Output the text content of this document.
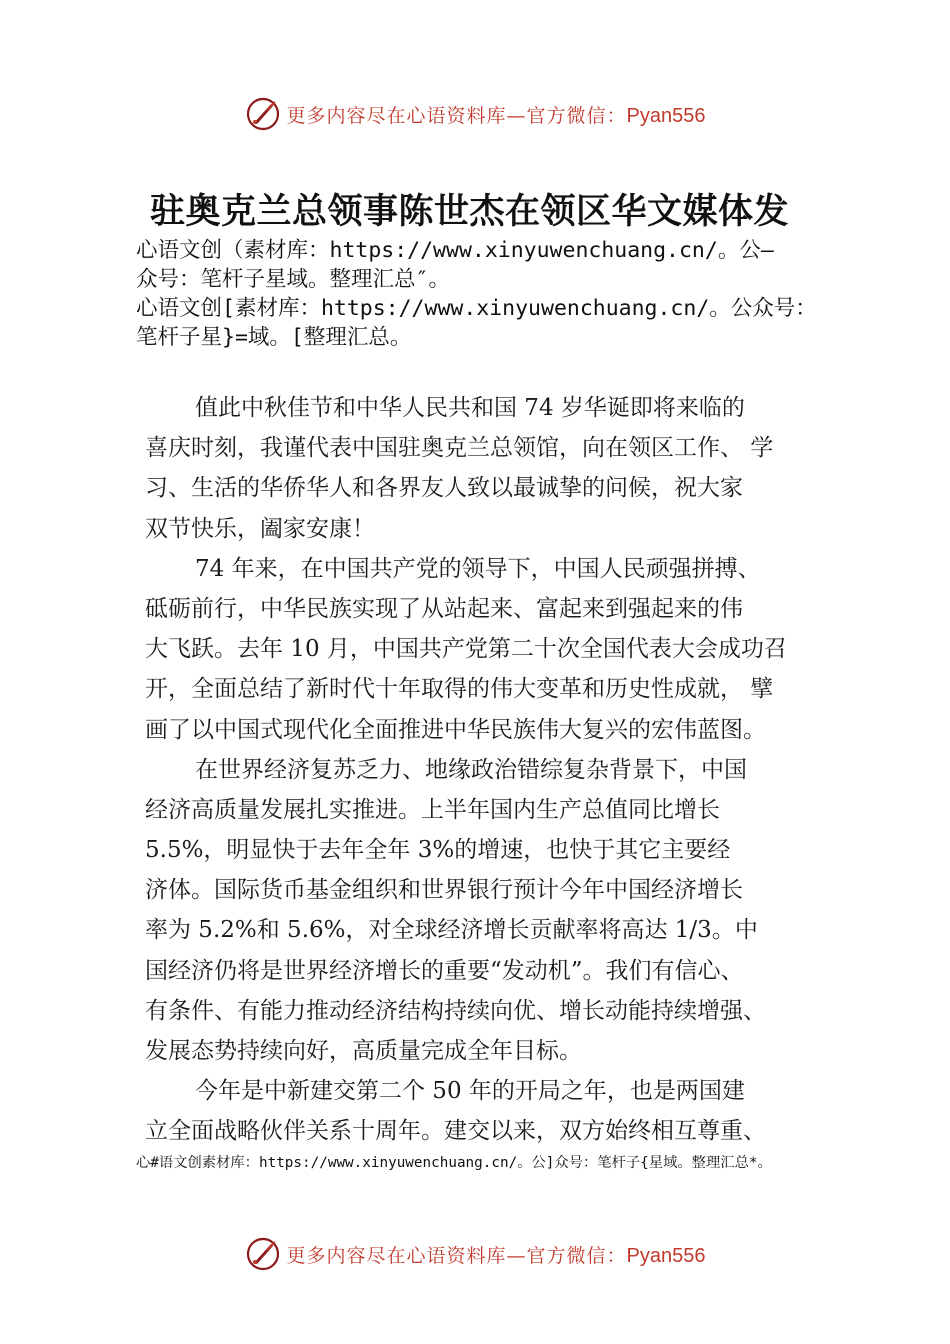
更多内容尽在心语资料库—官方微信：Pyan556
驻奥克兰总领事陈世杰在领区华文媒体发
心语文创（素材库：https://www.xinyuwenchuang.cn/。公—
众号：笔杆子星域。整理汇总″。
心语文创[素材库：https://www.xinyuwenchuang.cn/。公众号：
笔杆子星}=域。[整理汇总。
值此中秋佳节和中华人民共和国 74 岁华诞即将来临的
喜庆时刻，我谨代表中国驻奥克兰总领馆，向在领区工作、 学
习、生活的华侨华人和各界友人致以最诚挚的问候，祝大家
双节快乐，阖家安康！
74 年来，在中国共产党的领导下，中国人民顽强拼搏、
砥砺前行，中华民族实现了从站起来、富起来到强起来的伟
大飞跃。去年 10 月，中国共产党第二十次全国代表大会成功召
开，全面总结了新时代十年取得的伟大变革和历史性成就， 擘
画了以中国式现代化全面推进中华民族伟大复兴的宏伟蓝图。
在世界经济复苏乏力、地缘政治错综复杂背景下，中国
经济高质量发展扎实推进。上半年国内生产总值同比增长
5.5%，明显快于去年全年 3%的增速，也快于其它主要经
济体。国际货币基金组织和世界银行预计今年中国经济增长
率为 5.2%和 5.6%，对全球经济增长贡献率将高达 1/3。中
国经济仍将是世界经济增长的重要“发动机”。我们有信心、
有条件、有能力推动经济结构持续向优、增长动能持续增强、
发展态势持续向好，高质量完成全年目标。
今年是中新建交第二个 50 年的开局之年，也是两国建
立全面战略伙伴关系十周年。建交以来，双方始终相互尊重、
心#语文创素材库：https://www.xinyuwenchuang.cn/。公]众号：笔杆子{星域。整理汇总*。
更多内容尽在心语资料库—官方微信：Pyan556
